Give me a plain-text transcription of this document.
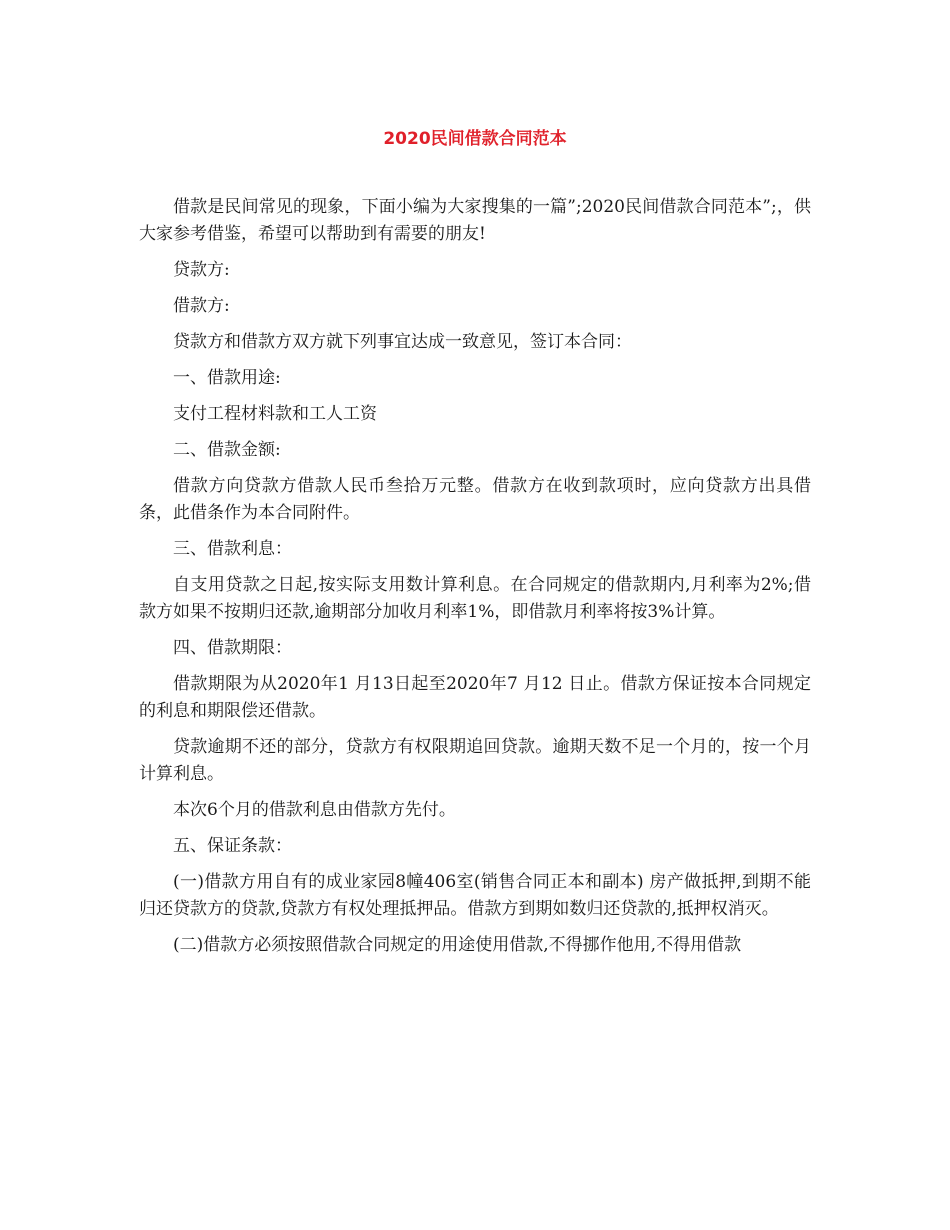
2020民间借款合同范本

借款是民间常见的现象，下面小编为大家搜集的一篇”;2020民间借款合同范本”;，供大家参考借鉴，希望可以帮助到有需要的朋友!

贷款方:

借款方:

贷款方和借款方双方就下列事宜达成一致意见，签订本合同：

一、借款用途:

支付工程材料款和工人工资

二、借款金额:

借款方向贷款方借款人民币叁拾万元整。借款方在收到款项时，应向贷款方出具借条，此借条作为本合同附件。

三、借款利息：

自支用贷款之日起,按实际支用数计算利息。在合同规定的借款期内,月利率为2%;借款方如果不按期归还款,逾期部分加收月利率1%，即借款月利率将按3%计算。

四、借款期限：

借款期限为从2020年1 月13日起至2020年7 月12 日止。借款方保证按本合同规定的利息和期限偿还借款。

贷款逾期不还的部分，贷款方有权限期追回贷款。逾期天数不足一个月的，按一个月计算利息。

本次6个月的借款利息由借款方先付。

五、保证条款：

(一)借款方用自有的成业家园8幢406室(销售合同正本和副本) 房产做抵押,到期不能归还贷款方的贷款,贷款方有权处理抵押品。借款方到期如数归还贷款的,抵押权消灭。

(二)借款方必须按照借款合同规定的用途使用借款,不得挪作他用,不得用借款
